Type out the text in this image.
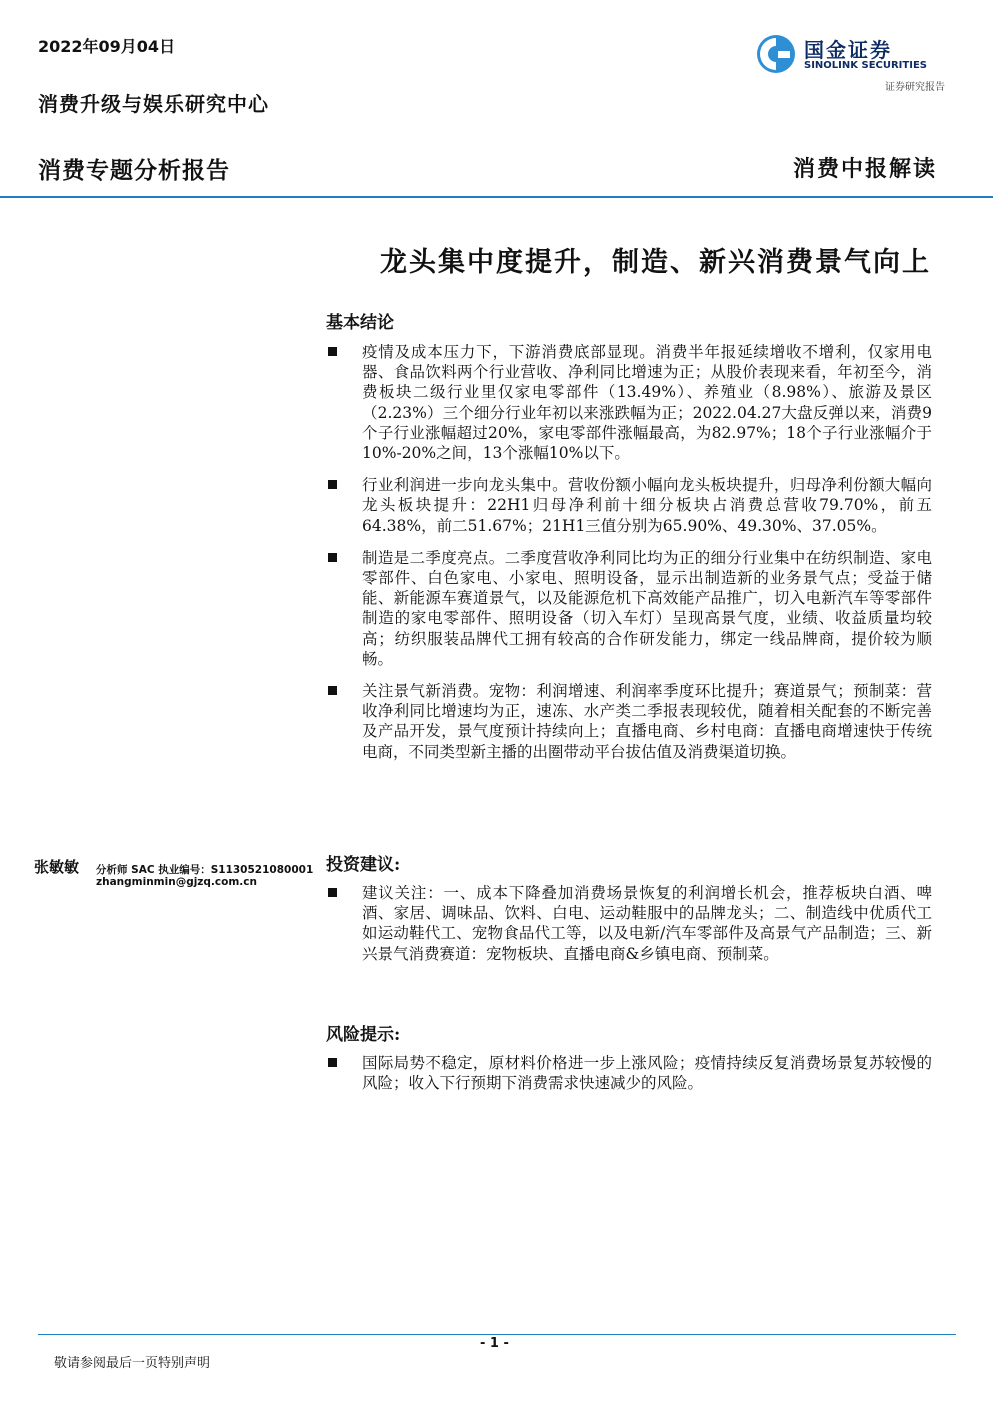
2022年09月04日	国金证券
SINOLINK SECURITIES
证券研究报告
消费升级与娱乐研究中心
消费专题分析报告	消费中报解读
龙头集中度提升，制造、新兴消费景气向上
基本结论
疫情及成本压力下，下游消费底部显现。消费半年报延续增收不增利，仅家用电器、食品饮料两个行业营收、净利同比增速为正；从股价表现来看，年初至今，消费板块二级行业里仅家电零部件（13.49%）、养殖业（8.98%）、旅游及景区（2.23%）三个细分行业年初以来涨跌幅为正；2022.04.27大盘反弹以来，消费9个子行业涨幅超过20%，家电零部件涨幅最高，为82.97%；18个子行业涨幅介于10%-20%之间，13个涨幅10%以下。
行业利润进一步向龙头集中。营收份额小幅向龙头板块提升，归母净利份额大幅向龙头板块提升：22H1归母净利前十细分板块占消费总营收79.70%，前五64.38%，前二51.67%；21H1三值分别为65.90%、49.30%、37.05%。
制造是二季度亮点。二季度营收净利同比均为正的细分行业集中在纺织制造、家电零部件、白色家电、小家电、照明设备，显示出制造新的业务景气点；受益于储能、新能源车赛道景气，以及能源危机下高效能产品推广，切入电新汽车等零部件制造的家电零部件、照明设备（切入车灯）呈现高景气度，业绩、收益质量均较高；纺织服装品牌代工拥有较高的合作研发能力，绑定一线品牌商，提价较为顺畅。
关注景气新消费。宠物：利润增速、利润率季度环比提升；赛道景气；预制菜：营收净利同比增速均为正，速冻、水产类二季报表现较优，随着相关配套的不断完善及产品开发，景气度预计持续向上；直播电商、乡村电商：直播电商增速快于传统电商，不同类型新主播的出圈带动平台拔估值及消费渠道切换。
张敏敏 分析师 SAC 执业编号：S1130521080001
zhangminmin@gjzq.com.cn
投资建议:
建议关注：一、成本下降叠加消费场景恢复的利润增长机会，推荐板块白酒、啤酒、家居、调味品、饮料、白电、运动鞋服中的品牌龙头；二、制造线中优质代工如运动鞋代工、宠物食品代工等，以及电新/汽车零部件及高景气产品制造；三、新兴景气消费赛道：宠物板块、直播电商&乡镇电商、预制菜。
风险提示:
国际局势不稳定，原材料价格进一步上涨风险；疫情持续反复消费场景复苏较慢的风险；收入下行预期下消费需求快速减少的风险。
- 1 -
敬请参阅最后一页特别声明
